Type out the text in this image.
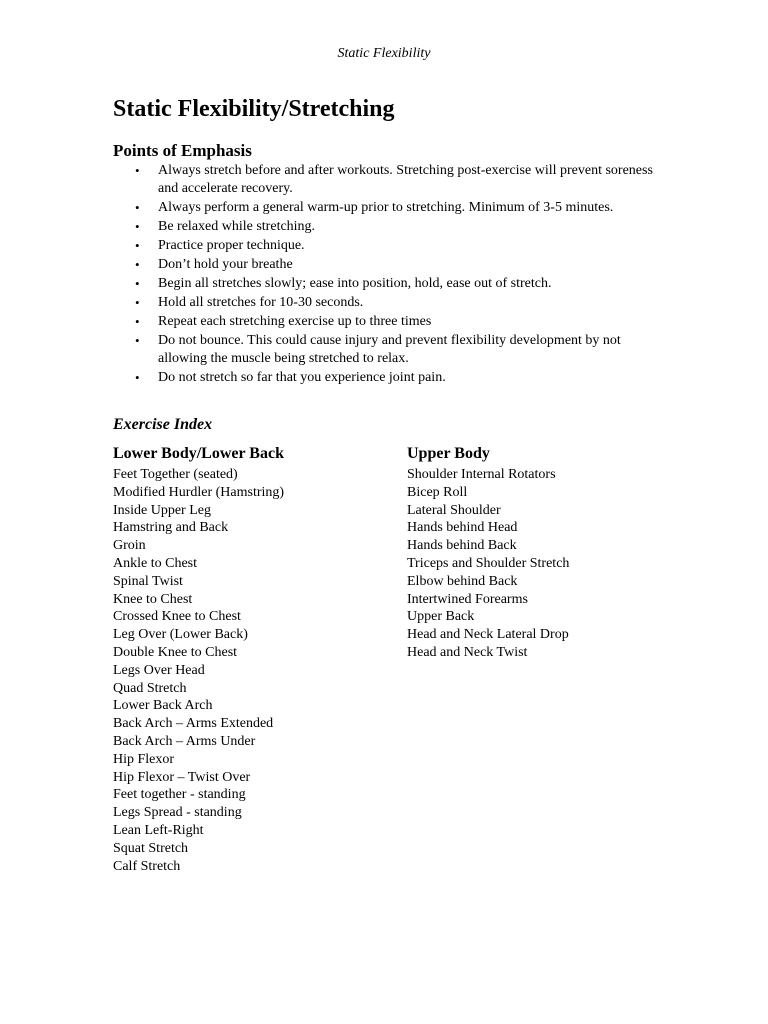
Static Flexibility
Static Flexibility/Stretching
Points of Emphasis
• Always stretch before and after workouts. Stretching post-exercise will prevent soreness and accelerate recovery.
• Always perform a general warm-up prior to stretching. Minimum of 3-5 minutes.
• Be relaxed while stretching.
• Practice proper technique.
• Don’t hold your breathe
• Begin all stretches slowly; ease into position, hold, ease out of stretch.
• Hold all stretches for 10-30 seconds.
• Repeat each stretching exercise up to three times
• Do not bounce. This could cause injury and prevent flexibility development by not allowing the muscle being stretched to relax.
• Do not stretch so far that you experience joint pain.
Exercise Index
Lower Body/Lower Back
Feet Together (seated)
Modified Hurdler (Hamstring)
Inside Upper Leg
Hamstring and Back
Groin
Ankle to Chest
Spinal Twist
Knee to Chest
Crossed Knee to Chest
Leg Over (Lower Back)
Double Knee to Chest
Legs Over Head
Quad Stretch
Lower Back Arch
Back Arch – Arms Extended
Back Arch – Arms Under
Hip Flexor
Hip Flexor – Twist Over
Feet together - standing
Legs Spread - standing
Lean Left-Right
Squat Stretch
Calf Stretch
Upper Body
Shoulder Internal Rotators
Bicep Roll
Lateral Shoulder
Hands behind Head
Hands behind Back
Triceps and Shoulder Stretch
Elbow behind Back
Intertwined Forearms
Upper Back
Head and Neck Lateral Drop
Head and Neck Twist
